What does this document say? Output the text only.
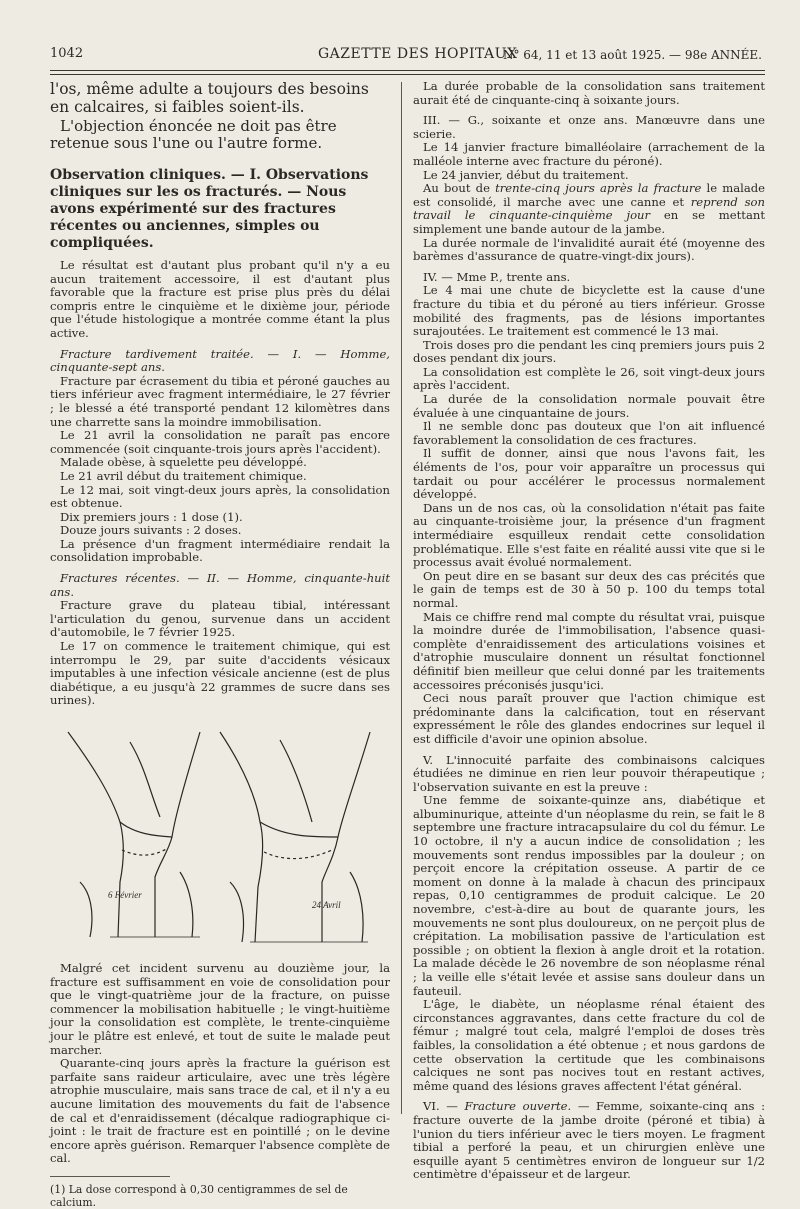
1042	GAZETTE DES HOPITAUX
N° 64, 11 et 13 août 1925. — 98e ANNÉE.

l'os, même adulte a toujours des besoins en calcaires, si faibles soient-ils.

L'objection énoncée ne doit pas être retenue sous l'une ou l'autre forme.

Observation cliniques. — I. Observations cliniques sur les os fracturés. — Nous avons expérimenté sur des fractures récentes ou anciennes, simples ou compliquées.

Le résultat est d'autant plus probant qu'il n'y a eu aucun traitement accessoire, il est d'autant plus favorable que la fracture est prise plus près du délai compris entre le cinquième et le dixième jour, période que l'étude histologique a montrée comme étant la plus active.

Fracture tardivement traitée. — I. — Homme, cinquante-sept ans.

Fracture par écrasement du tibia et péroné gauches au tiers inférieur avec fragment intermédiaire, le 27 février ; le blessé a été transporté pendant 12 kilomètres dans une charrette sans la moindre immobilisation.

Le 21 avril la consolidation ne paraît pas encore commencée (soit cinquante-trois jours après l'accident).

Malade obèse, à squelette peu développé.

Le 21 avril début du traitement chimique.

Le 12 mai, soit vingt-deux jours après, la consolidation est obtenue.

Dix premiers jours : 1 dose (1).

Douze jours suivants : 2 doses.

La présence d'un fragment intermédiaire rendait la consolidation improbable.

Fractures récentes. — II. — Homme, cinquante-huit ans.

Fracture grave du plateau tibial, intéressant l'articulation du genou, survenue dans un accident d'automobile, le 7 février 1925.

Le 17 on commence le traitement chimique, qui est interrompu le 29, par suite d'accidents vésicaux imputables à une infection vésicale ancienne (est de plus diabétique, a eu jusqu'à 22 grammes de sucre dans ses urines).

6 Février
24 Avril

Malgré cet incident survenu au douzième jour, la fracture est suffisamment en voie de consolidation pour que le vingt-quatrième jour de la fracture, on puisse commencer la mobilisation habituelle ; le vingt-huitième jour la consolidation est complète, le trente-cinquième jour le plâtre est enlevé, et tout de suite le malade peut marcher.

Quarante-cinq jours après la fracture la guérison est parfaite sans raideur articulaire, avec une très légère atrophie musculaire, mais sans trace de cal, et il n'y a eu aucune limitation des mouvements du fait de l'absence de cal et d'enraidissement (décalque radiographique ci-joint : le trait de fracture est en pointillé ; on le devine encore après guérison. Remarquer l'absence complète de cal.

(1) La dose correspond à 0,30 centigrammes de sel de calcium.

La durée probable de la consolidation sans traitement aurait été de cinquante-cinq à soixante jours.

III. — G., soixante et onze ans. Manœuvre dans une scierie.

Le 14 janvier fracture bimalléolaire (arrachement de la malléole interne avec fracture du péroné).

Le 24 janvier, début du traitement.

Au bout de trente-cinq jours après la fracture le malade est consolidé, il marche avec une canne et reprend son travail le cinquante-cinquième jour en se mettant simplement une bande autour de la jambe.

La durée normale de l'invalidité aurait été (moyenne des barèmes d'assurance de quatre-vingt-dix jours).

IV. — Mme P., trente ans.

Le 4 mai une chute de bicyclette est la cause d'une fracture du tibia et du péroné au tiers inférieur. Grosse mobilité des fragments, pas de lésions importantes surajoutées. Le traitement est commencé le 13 mai.

Trois doses pro die pendant les cinq premiers jours puis 2 doses pendant dix jours.

La consolidation est complète le 26, soit vingt-deux jours après l'accident.

La durée de la consolidation normale pouvait être évaluée à une cinquantaine de jours.

Il ne semble donc pas douteux que l'on ait influencé favorablement la consolidation de ces fractures.

Il suffit de donner, ainsi que nous l'avons fait, les éléments de l'os, pour voir apparaître un processus qui tardait ou pour accélérer le processus normalement développé.

Dans un de nos cas, où la consolidation n'était pas faite au cinquante-troisième jour, la présence d'un fragment intermédiaire esquilleux rendait cette consolidation problématique. Elle s'est faite en réalité aussi vite que si le processus avait évolué normalement.

On peut dire en se basant sur deux des cas précités que le gain de temps est de 30 à 50 p. 100 du temps total normal.

Mais ce chiffre rend mal compte du résultat vrai, puisque la moindre durée de l'immobilisation, l'absence quasi-complète d'enraidissement des articulations voisines et d'atrophie musculaire donnent un résultat fonctionnel définitif bien meilleur que celui donné par les traitements accessoires préconisés jusqu'ici.

Ceci nous paraît prouver que l'action chimique est prédominante dans la calcification, tout en réservant expressément le rôle des glandes endocrines sur lequel il est difficile d'avoir une opinion absolue.

V. L'innocuité parfaite des combinaisons calciques étudiées ne diminue en rien leur pouvoir thérapeutique ; l'observation suivante en est la preuve :

Une femme de soixante-quinze ans, diabétique et albuminurique, atteinte d'un néoplasme du rein, se fait le 8 septembre une fracture intracapsulaire du col du fémur. Le 10 octobre, il n'y a aucun indice de consolidation ; les mouvements sont rendus impossibles par la douleur ; on perçoit encore la crépitation osseuse. A partir de ce moment on donne à la malade à chacun des principaux repas, 0,10 centigrammes de produit calcique. Le 20 novembre, c'est-à-dire au bout de quarante jours, les mouvements ne sont plus douloureux, on ne perçoit plus de crépitation. La mobilisation passive de l'articulation est possible ; on obtient la flexion à angle droit et la rotation. La malade décède le 26 novembre de son néoplasme rénal ; la veille elle s'était levée et assise sans douleur dans un fauteuil.

L'âge, le diabète, un néoplasme rénal étaient des circonstances aggravantes, dans cette fracture du col de fémur ; malgré tout cela, malgré l'emploi de doses très faibles, la consolidation a été obtenue ; et nous gardons de cette observation la certitude que les combinaisons calciques ne sont pas nocives tout en restant actives, même quand des lésions graves affectent l'état général.

VI. — Fracture ouverte. — Femme, soixante-cinq ans : fracture ouverte de la jambe droite (péroné et tibia) à l'union du tiers inférieur avec le tiers moyen. Le fragment tibial a perforé la peau, et un chirurgien enlève une esquille ayant 5 centimètres environ de longueur sur 1/2 centimètre d'épaisseur et de largeur.
